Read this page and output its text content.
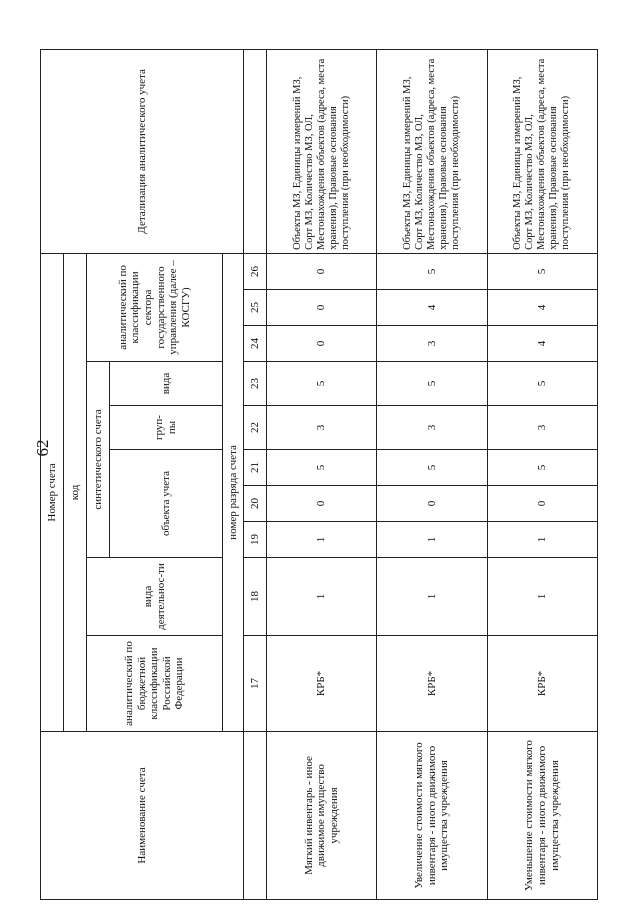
62
Наименование счета	Номер счета										Детализация аналитического учета
	код										
	аналитический по бюджетной классификации Российской Федерации	вида деятельнос-ти	синтетического счета					аналитический по классификации сектора государственного управления (далее – КОСГУ)			
			объекта учета			груп-пы	вида				
	номер разряда счета										
	17	18	19	20	21	22	23	24	25	26	
Мягкий инвентарь - иное движимое имущество учреждения	КРБ*	1	1	0	5	3	5	0	0	0	Объекты МЗ, Единицы измерений МЗ, Сорт МЗ, Количество МЗ, ОЛ, Местонахождения объектов (адреса, места хранения), Правовые основания поступления (при необходимости)
Увеличение стоимости мягкого инвентаря - иного движимого имущества учреждения	КРБ*	1	1	0	5	3	5	3	4	5	Объекты МЗ, Единицы измерений МЗ, Сорт МЗ, Количество МЗ, ОЛ, Местонахождения объектов (адреса, места хранения), Правовые основания поступления (при необходимости)
Уменьшение стоимости мягкого инвентаря - иного движимого имущества учреждения	КРБ*	1	1	0	5	3	5	4	4	5	Объекты МЗ, Единицы измерений МЗ, Сорт МЗ, Количество МЗ, ОЛ, Местонахождения объектов (адреса, места хранения), Правовые основания поступления (при необходимости)
